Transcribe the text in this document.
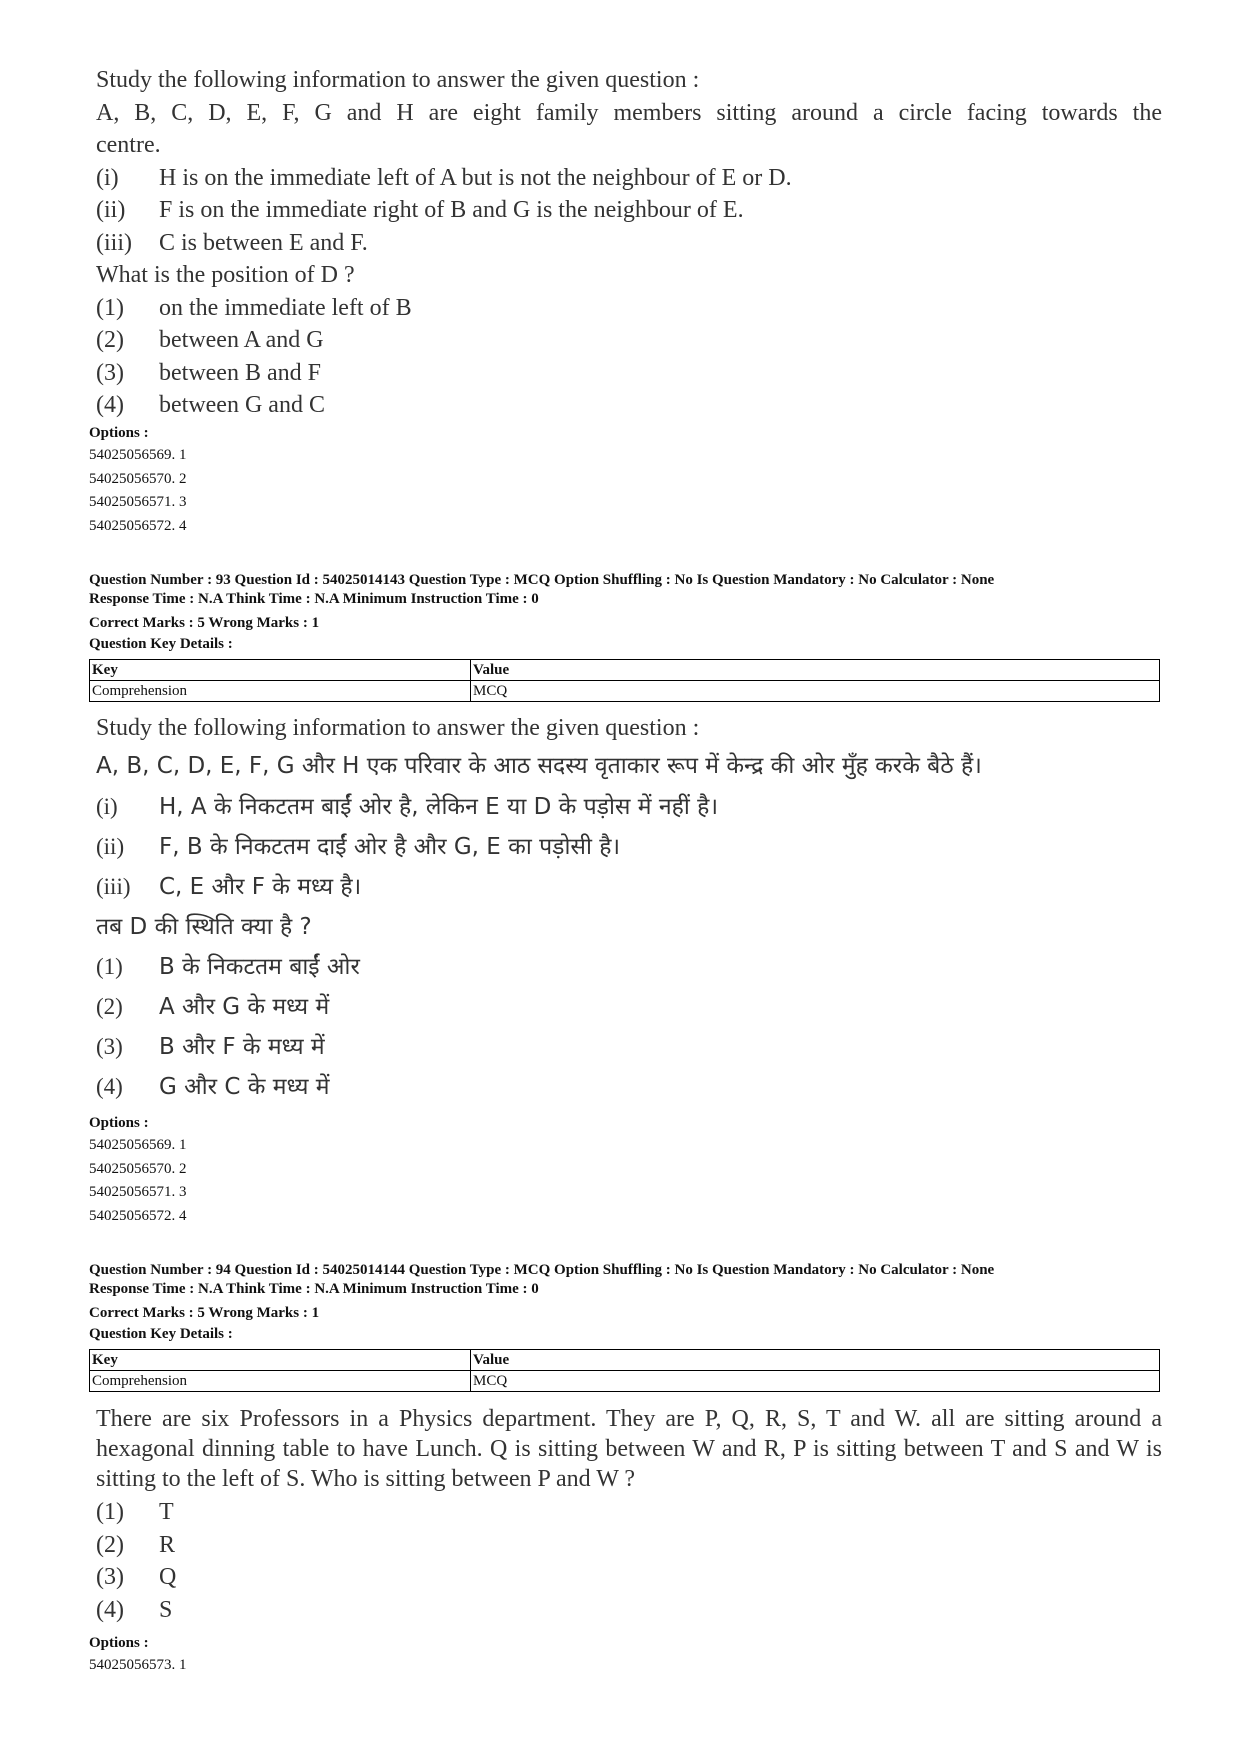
Study the following information to answer the given question :
A, B, C, D, E, F, G and H are eight family members sitting around a circle facing towards the
centre.
(i)	H is on the immediate left of A but is not the neighbour of E or D.
(ii)	F is on the immediate right of B and G is the neighbour of E.
(iii)	C is between E and F.
What is the position of D ?
(1)	on the immediate left of B
(2)	between A and G
(3)	between B and F
(4)	between G and C
Options :
54025056569. 1
54025056570. 2
54025056571. 3
54025056572. 4
Question Number : 93 Question Id : 54025014143 Question Type : MCQ Option Shuffling : No Is Question Mandatory : No Calculator : None
Response Time : N.A Think Time : N.A Minimum Instruction Time : 0
Correct Marks : 5 Wrong Marks : 1
Question Key Details :
Key	Value
Comprehension	MCQ
Study the following information to answer the given question :
A, B, C, D, E, F, G और H एक परिवार के आठ सदस्य वृताकार रूप में केन्द्र की ओर मुँह करके बैठे हैं।
(i)	H, A के निकटतम बाईं ओर है, लेकिन E या D के पड़ोस में नहीं है।
(ii)	F, B के निकटतम दाईं ओर है और G, E का पड़ोसी है।
(iii)	C, E और F के मध्य है।
तब D की स्थिति क्या है ?
(1)	B के निकटतम बाईं ओर
(2)	A और G के मध्य में
(3)	B और F के मध्य में
(4)	G और C के मध्य में
Options :
54025056569. 1
54025056570. 2
54025056571. 3
54025056572. 4
Question Number : 94 Question Id : 54025014144 Question Type : MCQ Option Shuffling : No Is Question Mandatory : No Calculator : None
Response Time : N.A Think Time : N.A Minimum Instruction Time : 0
Correct Marks : 5 Wrong Marks : 1
Question Key Details :
Key	Value
Comprehension	MCQ
There are six Professors in a Physics department. They are P, Q, R, S, T and W. all are sitting around a hexagonal dinning table to have Lunch. Q is sitting between W and R, P is sitting between T and S and W is sitting to the left of S. Who is sitting between P and W ?
(1)	T
(2)	R
(3)	Q
(4)	S
Options :
54025056573. 1
